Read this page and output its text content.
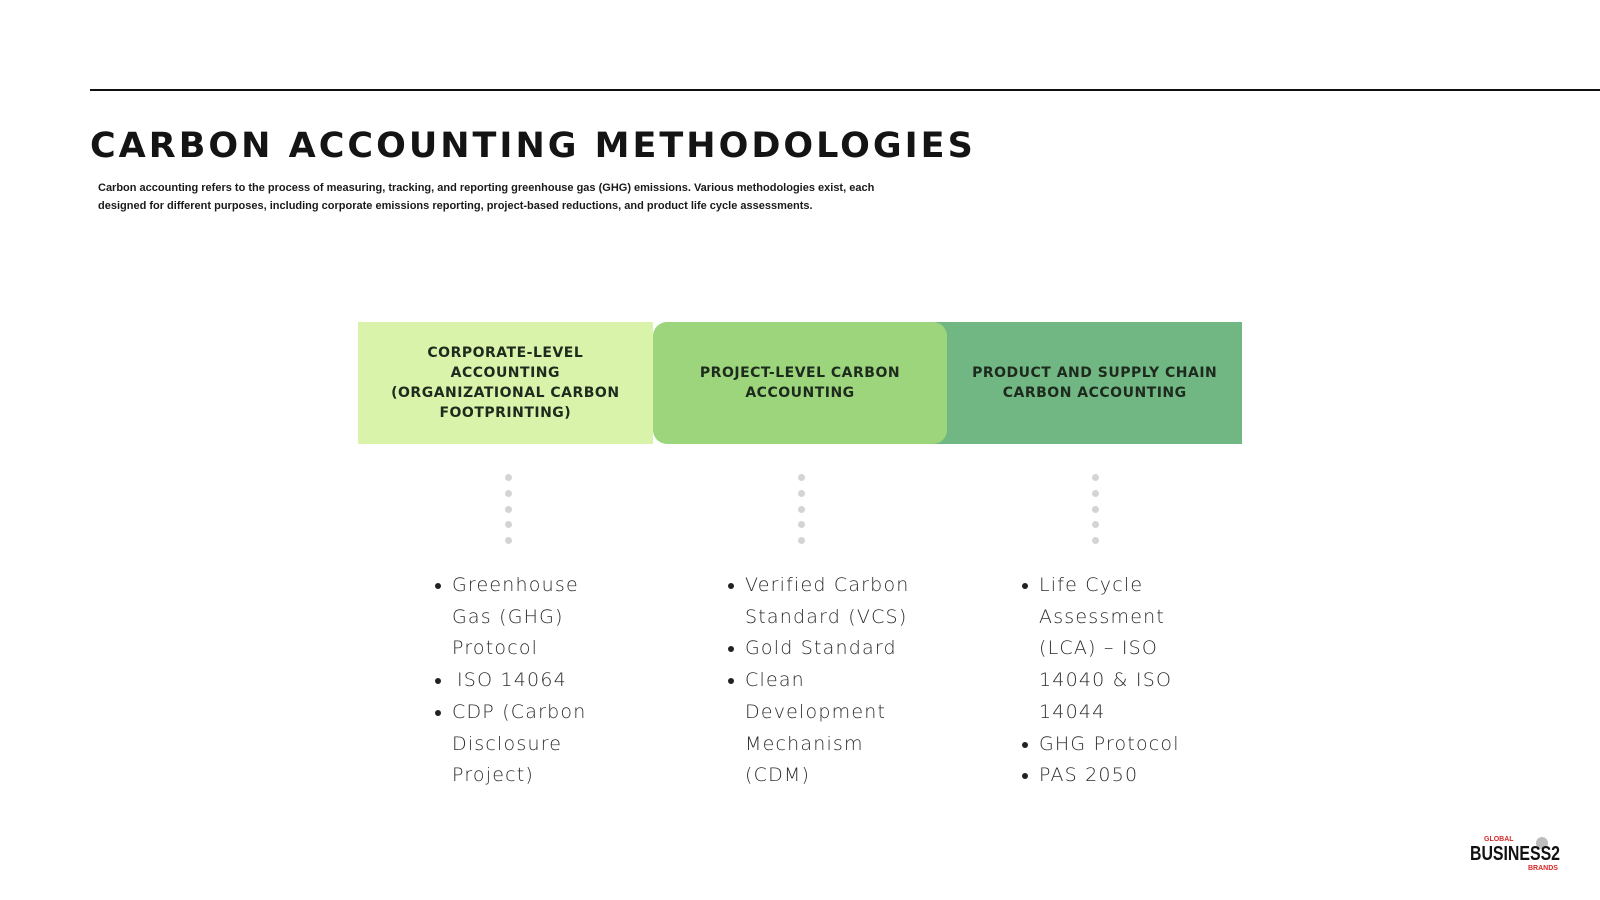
CARBON ACCOUNTING METHODOLOGIES

Carbon accounting refers to the process of measuring, tracking, and reporting greenhouse gas (GHG) emissions. Various methodologies exist, each designed for different purposes, including corporate emissions reporting, project-based reductions, and product life cycle assessments.

CORPORATE-LEVEL ACCOUNTING (ORGANIZATIONAL CARBON FOOTPRINTING)
PROJECT-LEVEL CARBON ACCOUNTING
PRODUCT AND SUPPLY CHAIN CARBON ACCOUNTING
Greenhouse Gas (GHG) Protocol
ISO 14064
CDP (Carbon Disclosure Project)
Verified Carbon Standard (VCS)
Gold Standard
Clean Development Mechanism (CDM)
Life Cycle Assessment (LCA) – ISO 14040 & ISO 14044
GHG Protocol
PAS 2050
GLOBAL
BUSINESS2
BRANDS
